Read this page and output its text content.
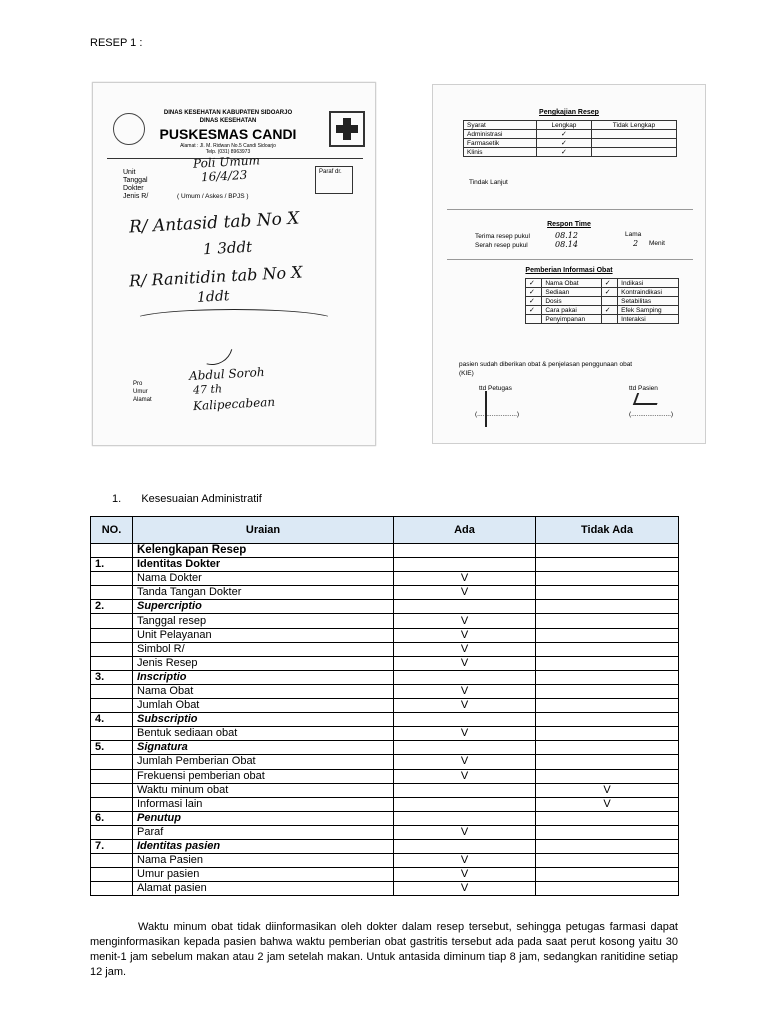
RESEP 1 :
DINAS KESEHATAN KABUPATEN SIDOARJO
DINAS KESEHATAN
PUSKESMAS CANDI
Alamat : Jl. M. Ridwan No.5 Candi Sidoarjo
Telp. (031) 8963973
Unit
Tanggal
Dokter
Jenis R/	( Umum / Askes / BPJS )
Paraf dr.
Poli Umum
16/4/23
R/ Antasid tab No X
1 3ddt
R/ Ranitidin tab No X
1ddt
Pro
Umur
Alamat
Abdul Soroh
47 th
Kalipecabean
Pengkajian Resep
Syarat	Lengkap	Tidak Lengkap
Administrasi	✓	
Farmasetik	✓	
Klinis	✓	
Tindak Lanjut
Respon Time
Terima resep pukul	08.12
Serah resep pukul	08.14
Lama
2 Menit
Pemberian Informasi Obat
✓	Nama Obat	✓	Indikasi
✓	Sediaan	✓	Kontraindikasi
✓	Dosis		Setabilitas
✓	Cara pakai	✓	Efek Samping
	Penyimpanan		Interaksi
pasien sudah diberikan obat & penjelasan penggunaan obat
(KIE)
ttd Petugas	ttd Pasien
(......................)	(......................)
1. Kesesuaian Administratif
NO.	Uraian	Ada	Tidak Ada
	Kelengkapan Resep		
1.	Identitas Dokter		
	Nama Dokter	V	
	Tanda Tangan Dokter	V	
2.	Supercriptio		
	Tanggal resep	V	
	Unit Pelayanan	V	
	Simbol R/	V	
	Jenis Resep	V	
3.	Inscriptio		
	Nama Obat	V	
	Jumlah Obat	V	
4.	Subscriptio		
	Bentuk sediaan obat	V	
5.	Signatura		
	Jumlah Pemberian Obat	V	
	Frekuensi pemberian obat	V	
	Waktu minum obat		V
	Informasi lain		V
6.	Penutup		
	Paraf	V	
7.	Identitas pasien		
	Nama Pasien	V	
	Umur pasien	V	
	Alamat pasien	V	
Waktu minum obat tidak diinformasikan oleh dokter dalam resep tersebut, sehingga petugas farmasi dapat menginformasikan kepada pasien bahwa waktu pemberian obat gastritis tersebut ada pada saat perut kosong yaitu 30 menit-1 jam sebelum makan atau 2 jam setelah makan. Untuk antasida diminum tiap 8 jam, sedangkan ranitidine setiap 12 jam.
